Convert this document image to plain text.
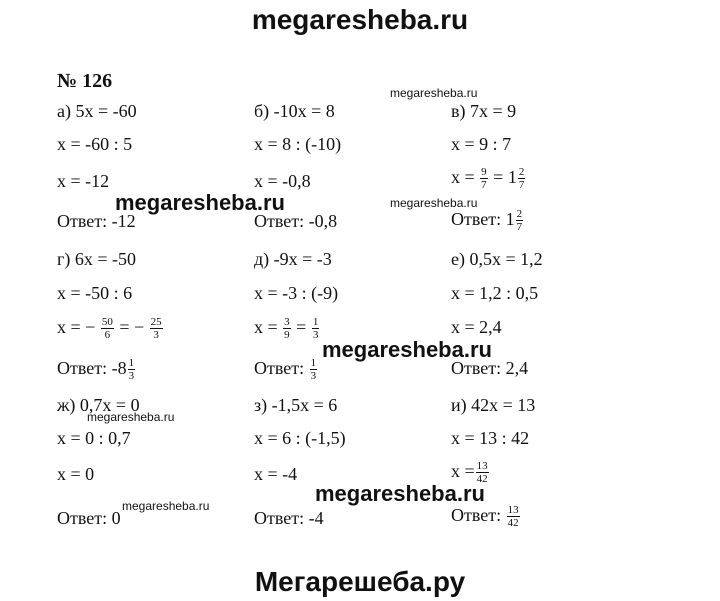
megaresheba.ru
№ 126
а) 5x = -60
x = -60 : 5
x = -12
Ответ: -12
г) 6x = -50
x = -50 : 6
x = − $\frac{50}{6}$ = − $\frac{25}{3}$
Ответ: $-8 \frac{1}{3}$
ж) 0,7x = 0
x = 0 : 0,7
x = 0
Ответ: 0
б) -10x = 8
x = 8 : (-10)
x = -0,8
Ответ: -0,8
д) -9x = -3
x = -3 : (-9)
$x = \frac{3}{9} = \frac{1}{3}$
Ответ: $\frac{1}{3}$
з) -1,5x = 6
x = 6 : (-1,5)
x = -4
Ответ: -4
в) 7x = 9
x = 9 : 7
$x = \frac{9}{7} = 1 \frac{2}{7}$
Ответ: $1 \frac{2}{7}$
е) 0,5x = 1,2
x = 1,2 : 0,5
x = 2,4
Ответ: 2,4
и) 42x = 13
x = 13 : 42
$x = \frac{13}{42}$
Ответ: $\frac{13}{42}$
megaresheba.ru
megaresheba.ru	megaresheba.ru
megaresheba.ru
megaresheba.ru
megaresheba.ru
megaresheba.ru
Мегарешеба.ру
